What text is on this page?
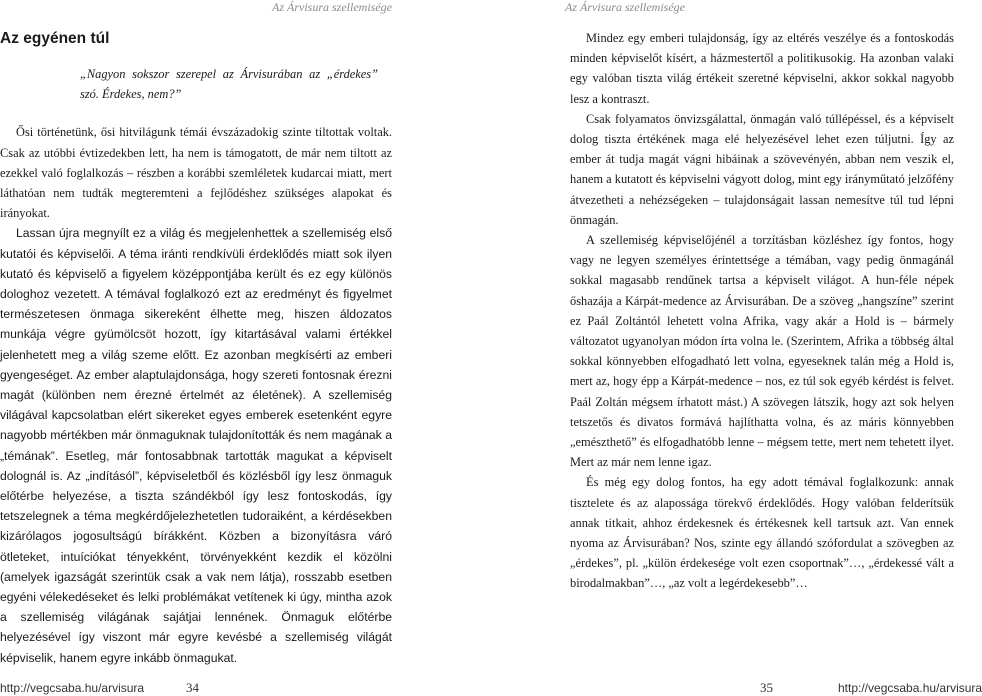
Az Árvisura szellemisége
Az egyénen túl

„Nagyon sokszor szerepel az Árvisurában az „érdekes” szó. Érdekes, nem?”

Ősi történetünk, ősi hitvilágunk témái évszázadokig szinte tiltottak voltak. Csak az utóbbi évtizedekben lett, ha nem is támogatott, de már nem tiltott az ezekkel való foglalkozás – részben a korábbi szemléletek kudarcai miatt, mert láthatóan nem tudták megteremteni a fejlődéshez szükséges alapokat és irányokat.

Lassan újra megnyílt ez a világ és megjelenhettek a szellemiség első kutatói és képviselői. A téma iránti rendkívüli érdeklődés miatt sok ilyen kutató és képviselő a figyelem középpontjába került és ez egy különös dologhoz vezetett. A témával foglalkozó ezt az eredményt és figyelmet természetesen önmaga sikereként élhette meg, hiszen áldozatos munkája végre gyümölcsöt hozott, így kitartásával valami értékkel jelenhetett meg a világ szeme előtt. Ez azonban megkísérti az emberi gyengeséget. Az ember alaptulajdonsága, hogy szereti fontosnak érezni magát (különben nem érezné értelmét az életének). A szellemiség világával kapcsolatban elért sikereket egyes emberek esetenként egyre nagyobb mértékben már önmaguknak tulajdonították és nem magának a „témának”. Esetleg, már fontosabbnak tartották magukat a képviselt dolognál is. Az „indításól”, képviseletből és közlésből így lesz önmaguk előtérbe helyezése, a tiszta szándékból így lesz fontoskodás, így tetszelegnek a téma megkérdőjelezhetetlen tudoraiként, a kérdésekben kizárólagos jogosultságú bírákként. Közben a bizonyításra váró ötleteket, intuíciókat tényekként, törvényekként kezdik el közölni (amelyek igazságát szerintük csak a vak nem látja), rosszabb esetben egyéni vélekedéseket és lelki problémákat vetítenek ki úgy, mintha azok a szellemiség világának sajátjai lennének. Önmaguk előtérbe helyezésével így viszont már egyre kevésbé a szellemiség világát képviselik, hanem egyre inkább önmagukat.

http://vegcsaba.hu/arvisura	34
Az Árvisura szellemisége

Mindez egy emberi tulajdonság, így az eltérés veszélye és a fontoskodás minden képviselőt kísért, a házmestertől a politikusokig. Ha azonban valaki egy valóban tiszta világ értékeit szeretné képviselni, akkor sokkal nagyobb lesz a kontraszt.

Csak folyamatos önvizsgálattal, önmagán való túllépéssel, és a képviselt dolog tiszta értékének maga elé helyezésével lehet ezen túljutni. Így az ember át tudja magát vágni hibáinak a szövevényén, abban nem veszik el, hanem a kutatott és képviselni vágyott dolog, mint egy irányműtató jelzőfény átvezetheti a nehézségeken – tulajdonságait lassan nemesítve túl tud lépni önmagán.

A szellemiség képviselőjénél a torzításban közléshez így fontos, hogy vagy ne legyen személyes érintettsége a témában, vagy pedig önmagánál sokkal magasabb rendűnek tartsa a képviselt világot. A hun-féle népek őshazája a Kárpát-medence az Árvisurában. De a szöveg „hangszíne” szerint ez Paál Zoltántól lehetett volna Afrika, vagy akár a Hold is – bármely változatot ugyanolyan módon írta volna le. (Szerintem, Afrika a többség által sokkal könnyebben elfogadható lett volna, egyeseknek talán még a Hold is, mert az, hogy épp a Kárpát-medence – nos, ez túl sok egyéb kérdést is felvet. Paál Zoltán mégsem írhatott mást.) A szövegen látszik, hogy azt sok helyen tetszetős és divatos formává hajlíthatta volna, és az máris könnyebben „emészthető” és elfogadhatóbb lenne – mégsem tette, mert nem tehetett ilyet. Mert az már nem lenne igaz.

És még egy dolog fontos, ha egy adott témával foglalkozunk: annak tisztelete és az alapossága törekvő érdeklődés. Hogy valóban felderítsük annak titkait, ahhoz érdekesnek és értékesnek kell tartsuk azt. Van ennek nyoma az Árvisurában? Nos, szinte egy állandó szófordulat a szövegben az „érdekes”, pl. „külön érdekesége volt ezen csoportnak”…, „érdekessé vált a birodalmakban”…, „az volt a legérdekesebb”…

35	http://vegcsaba.hu/arvisura
